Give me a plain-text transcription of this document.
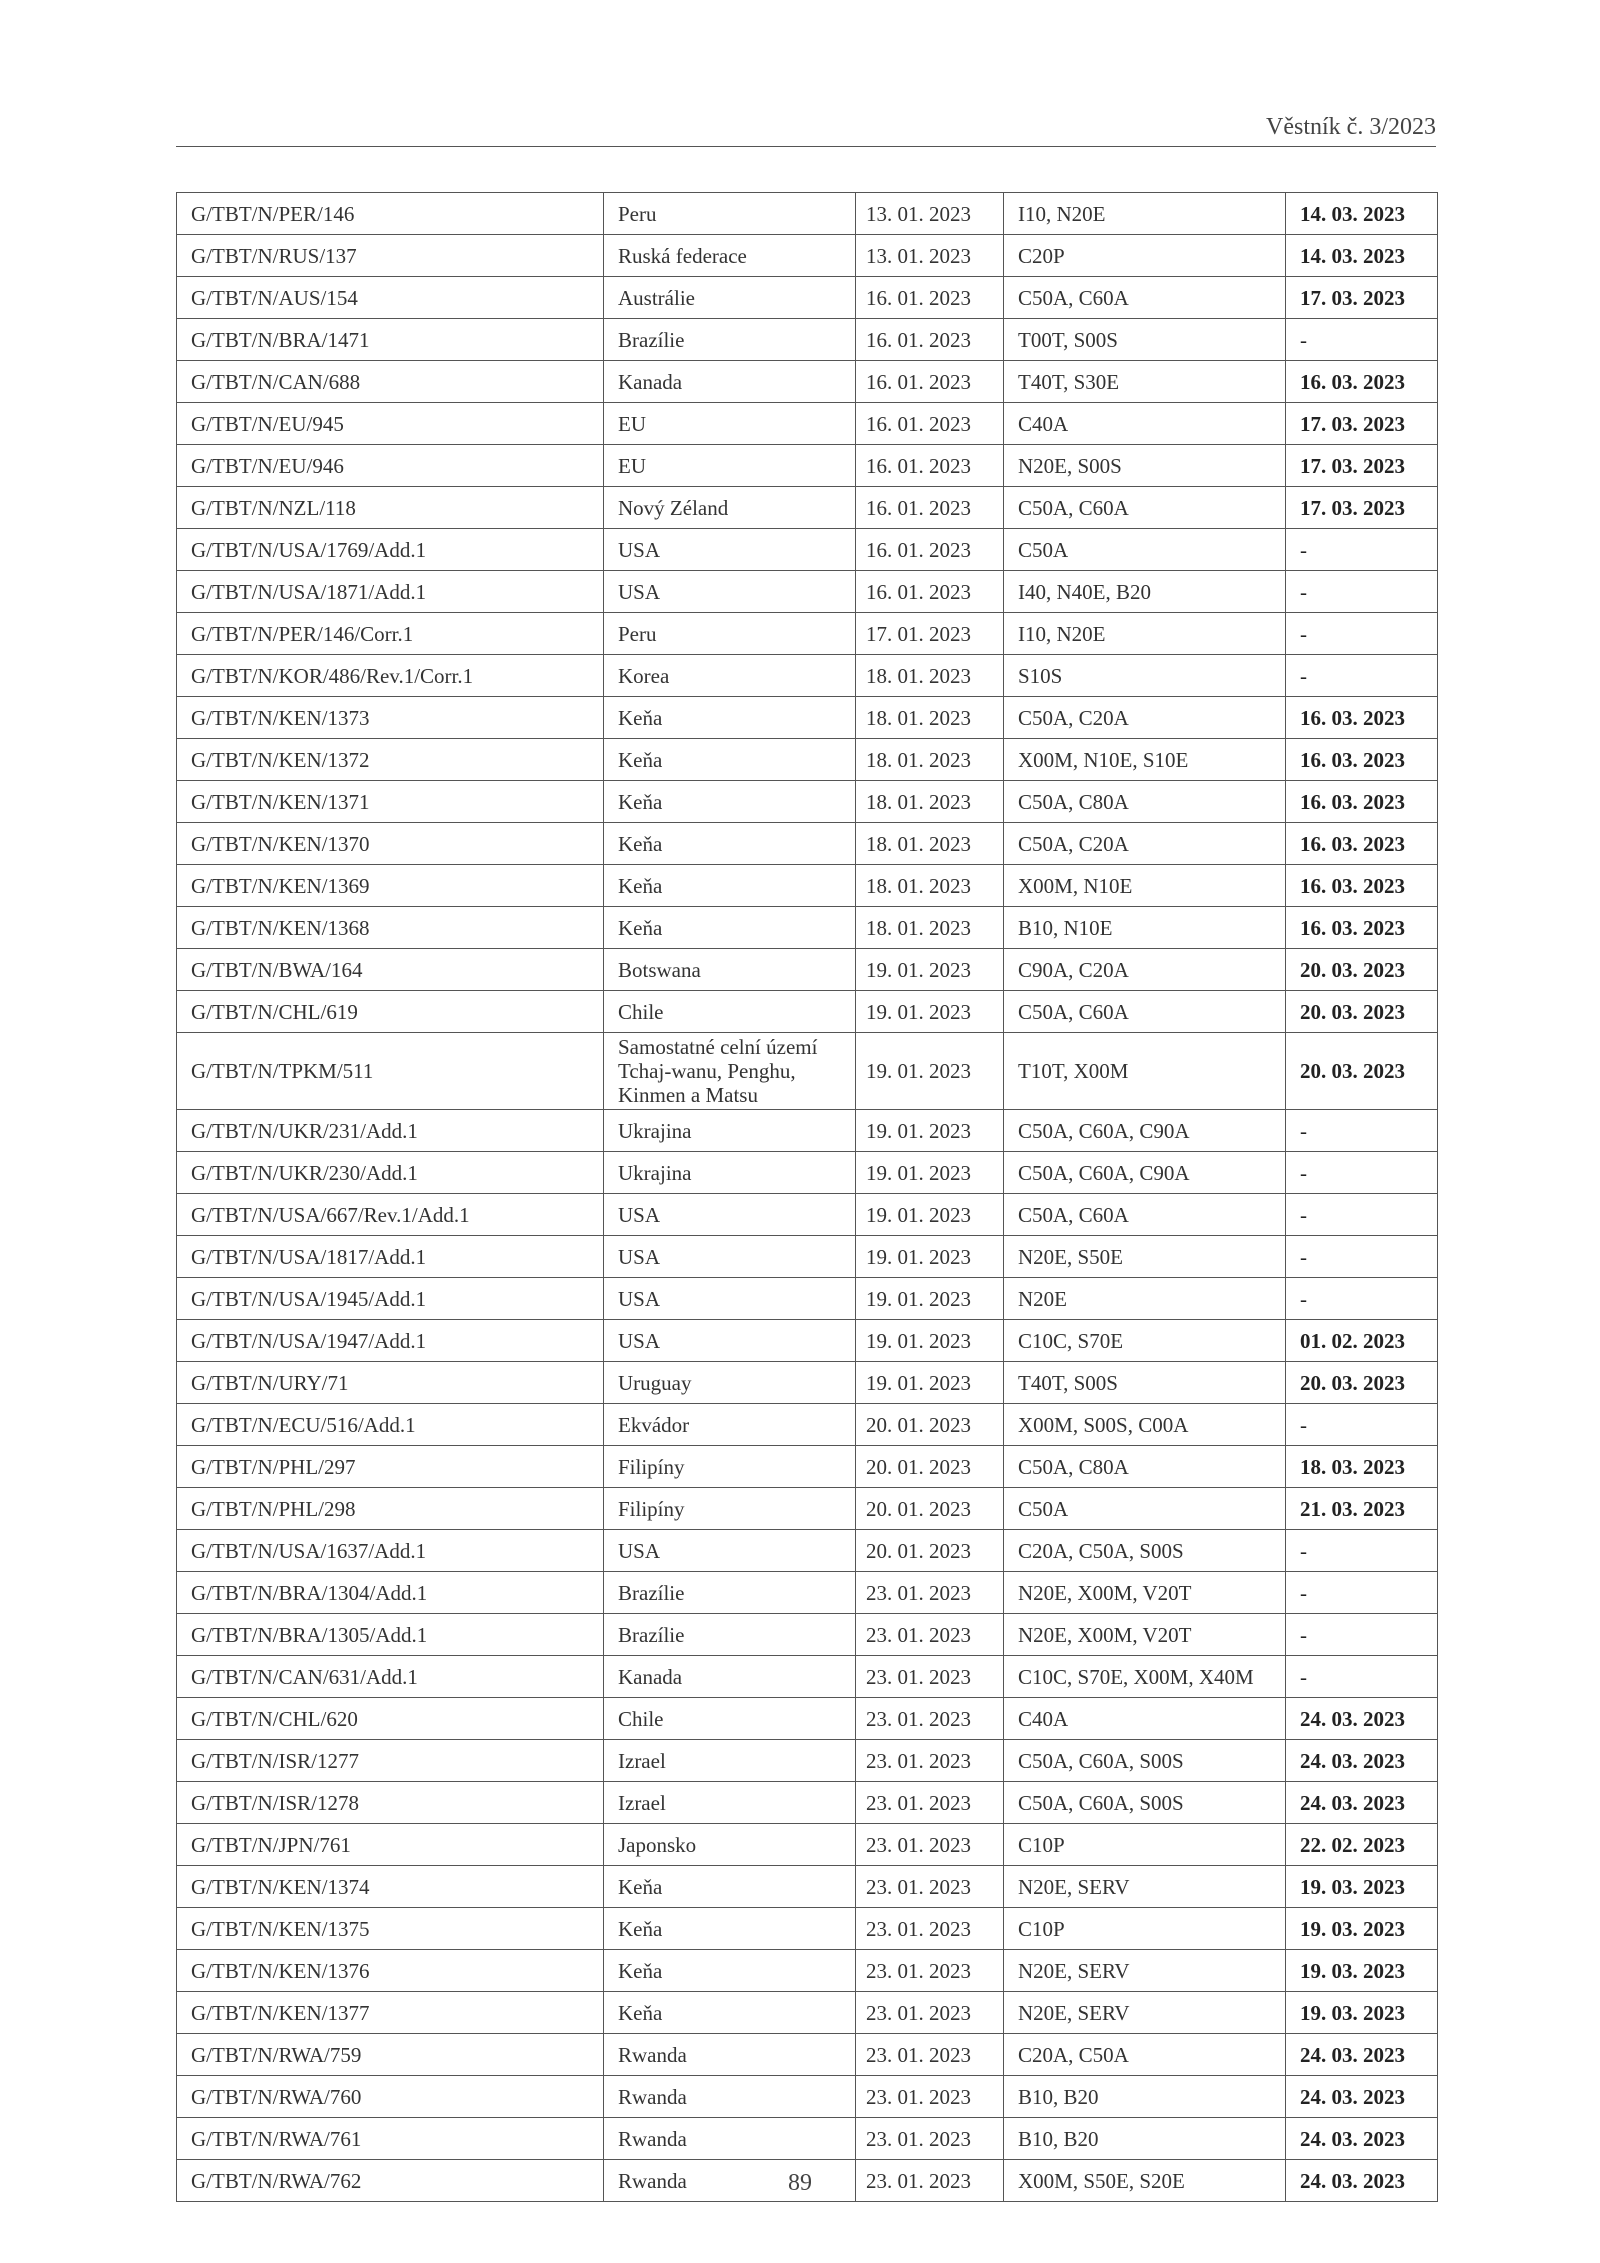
Věstník č. 3/2023
G/TBT/N/PER/146	Peru	13. 01. 2023	I10, N20E	14. 03. 2023
G/TBT/N/RUS/137	Ruská federace	13. 01. 2023	C20P	14. 03. 2023
G/TBT/N/AUS/154	Austrálie	16. 01. 2023	C50A, C60A	17. 03. 2023
G/TBT/N/BRA/1471	Brazílie	16. 01. 2023	T00T, S00S	-
G/TBT/N/CAN/688	Kanada	16. 01. 2023	T40T, S30E	16. 03. 2023
G/TBT/N/EU/945	EU	16. 01. 2023	C40A	17. 03. 2023
G/TBT/N/EU/946	EU	16. 01. 2023	N20E, S00S	17. 03. 2023
G/TBT/N/NZL/118	Nový Zéland	16. 01. 2023	C50A, C60A	17. 03. 2023
G/TBT/N/USA/1769/Add.1	USA	16. 01. 2023	C50A	-
G/TBT/N/USA/1871/Add.1	USA	16. 01. 2023	I40, N40E, B20	-
G/TBT/N/PER/146/Corr.1	Peru	17. 01. 2023	I10, N20E	-
G/TBT/N/KOR/486/Rev.1/Corr.1	Korea	18. 01. 2023	S10S	-
G/TBT/N/KEN/1373	Keňa	18. 01. 2023	C50A, C20A	16. 03. 2023
G/TBT/N/KEN/1372	Keňa	18. 01. 2023	X00M, N10E, S10E	16. 03. 2023
G/TBT/N/KEN/1371	Keňa	18. 01. 2023	C50A, C80A	16. 03. 2023
G/TBT/N/KEN/1370	Keňa	18. 01. 2023	C50A, C20A	16. 03. 2023
G/TBT/N/KEN/1369	Keňa	18. 01. 2023	X00M, N10E	16. 03. 2023
G/TBT/N/KEN/1368	Keňa	18. 01. 2023	B10, N10E	16. 03. 2023
G/TBT/N/BWA/164	Botswana	19. 01. 2023	C90A, C20A	20. 03. 2023
G/TBT/N/CHL/619	Chile	19. 01. 2023	C50A, C60A	20. 03. 2023
G/TBT/N/TPKM/511	Samostatné celní území Tchaj-wanu, Penghu, Kinmen a Matsu	19. 01. 2023	T10T, X00M	20. 03. 2023
G/TBT/N/UKR/231/Add.1	Ukrajina	19. 01. 2023	C50A, C60A, C90A	-
G/TBT/N/UKR/230/Add.1	Ukrajina	19. 01. 2023	C50A, C60A, C90A	-
G/TBT/N/USA/667/Rev.1/Add.1	USA	19. 01. 2023	C50A, C60A	-
G/TBT/N/USA/1817/Add.1	USA	19. 01. 2023	N20E, S50E	-
G/TBT/N/USA/1945/Add.1	USA	19. 01. 2023	N20E	-
G/TBT/N/USA/1947/Add.1	USA	19. 01. 2023	C10C, S70E	01. 02. 2023
G/TBT/N/URY/71	Uruguay	19. 01. 2023	T40T, S00S	20. 03. 2023
G/TBT/N/ECU/516/Add.1	Ekvádor	20. 01. 2023	X00M, S00S, C00A	-
G/TBT/N/PHL/297	Filipíny	20. 01. 2023	C50A, C80A	18. 03. 2023
G/TBT/N/PHL/298	Filipíny	20. 01. 2023	C50A	21. 03. 2023
G/TBT/N/USA/1637/Add.1	USA	20. 01. 2023	C20A, C50A, S00S	-
G/TBT/N/BRA/1304/Add.1	Brazílie	23. 01. 2023	N20E, X00M, V20T	-
G/TBT/N/BRA/1305/Add.1	Brazílie	23. 01. 2023	N20E, X00M, V20T	-
G/TBT/N/CAN/631/Add.1	Kanada	23. 01. 2023	C10C, S70E, X00M, X40M	-
G/TBT/N/CHL/620	Chile	23. 01. 2023	C40A	24. 03. 2023
G/TBT/N/ISR/1277	Izrael	23. 01. 2023	C50A, C60A, S00S	24. 03. 2023
G/TBT/N/ISR/1278	Izrael	23. 01. 2023	C50A, C60A, S00S	24. 03. 2023
G/TBT/N/JPN/761	Japonsko	23. 01. 2023	C10P	22. 02. 2023
G/TBT/N/KEN/1374	Keňa	23. 01. 2023	N20E, SERV	19. 03. 2023
G/TBT/N/KEN/1375	Keňa	23. 01. 2023	C10P	19. 03. 2023
G/TBT/N/KEN/1376	Keňa	23. 01. 2023	N20E, SERV	19. 03. 2023
G/TBT/N/KEN/1377	Keňa	23. 01. 2023	N20E, SERV	19. 03. 2023
G/TBT/N/RWA/759	Rwanda	23. 01. 2023	C20A, C50A	24. 03. 2023
G/TBT/N/RWA/760	Rwanda	23. 01. 2023	B10, B20	24. 03. 2023
G/TBT/N/RWA/761	Rwanda	23. 01. 2023	B10, B20	24. 03. 2023
G/TBT/N/RWA/762	Rwanda	23. 01. 2023	X00M, S50E, S20E	24. 03. 2023
89
